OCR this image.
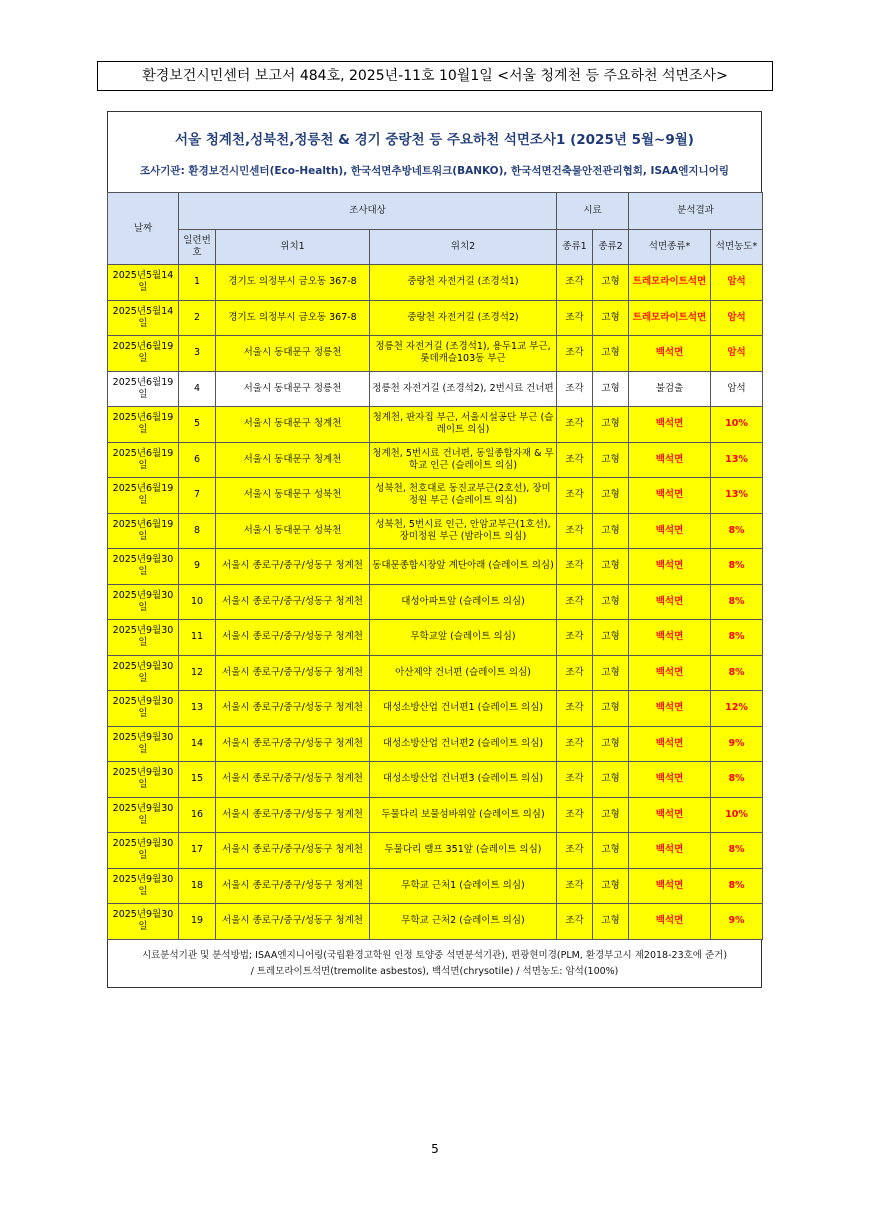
환경보건시민센터 보고서 484호, 2025년-11호 10월1일 <서울 청계천 등 주요하천 석면조사>
서울 청계천,성북천,정릉천 & 경기 중랑천 등 주요하천 석면조사1 (2025년 5월~9월)
조사기관: 환경보건시민센터(Eco-Health), 한국석면추방네트워크(BANKO), 한국석면건축물안전관리협회, ISAA엔지니어링
날짜	조사대상			시료		분석결과	
	일련번호	위치1	위치2	종류1	종류2	석면종류*	석면농도*
2025년5월14일	1	경기도 의정부시 금오동 367-8	중랑천 자전거길 (조경석1)	조각	고형	트레모라이트석면	암석
2025년5월14일	2	경기도 의정부시 금오동 367-8	중랑천 자전거길 (조경석2)	조각	고형	트레모라이트석면	암석
2025년6월19일	3	서울시 동대문구 정릉천	정릉천 자전거길 (조경석1), 용두1교 부근, 롯데캐슬103동 부근	조각	고형	백석면	암석
2025년6월19일	4	서울시 동대문구 정릉천	정릉천 자전거길 (조경석2), 2번시료 건너편	조각	고형	불검출	암석
2025년6월19일	5	서울시 동대문구 청계천	청계천, 판자집 부근, 서울시설공단 부근 (슬레이트 의심)	조각	고형	백석면	10%
2025년6월19일	6	서울시 동대문구 청계천	청계천, 5번시료 건너편, 동일종합자재 & 무학교 인근 (슬레이트 의심)	조각	고형	백석면	13%
2025년6월19일	7	서울시 동대문구 성북천	성북천, 천호대로 동진교부근(2호선), 장미정원 부근 (슬레이트 의심)	조각	고형	백석면	13%
2025년6월19일	8	서울시 동대문구 성북천	성북천, 5번시료 인근, 안암교부근(1호선), 장미정원 부근 (밤라이트 의심)	조각	고형	백석면	8%
2025년9월30일	9	서울시 종로구/중구/성동구 청계천	동대문종합시장앞 계단아래 (슬레이트 의심)	조각	고형	백석면	8%
2025년9월30일	10	서울시 종로구/중구/성동구 청계천	대성아파트앞 (슬레이트 의심)	조각	고형	백석면	8%
2025년9월30일	11	서울시 종로구/중구/성동구 청계천	무학교앞 (슬레이트 의심)	조각	고형	백석면	8%
2025년9월30일	12	서울시 종로구/중구/성동구 청계천	아산제약 건너편 (슬레이트 의심)	조각	고형	백석면	8%
2025년9월30일	13	서울시 종로구/중구/성동구 청계천	대성소방산업 건너편1 (슬레이트 의심)	조각	고형	백석면	12%
2025년9월30일	14	서울시 종로구/중구/성동구 청계천	대성소방산업 건너편2 (슬레이트 의심)	조각	고형	백석면	9%
2025년9월30일	15	서울시 종로구/중구/성동구 청계천	대성소방산업 건너편3 (슬레이트 의심)	조각	고형	백석면	8%
2025년9월30일	16	서울시 종로구/중구/성동구 청계천	두물다리 보물섬바위앞 (슬레이트 의심)	조각	고형	백석면	10%
2025년9월30일	17	서울시 종로구/중구/성동구 청계천	두물다리 램프 351앞 (슬레이트 의심)	조각	고형	백석면	8%
2025년9월30일	18	서울시 종로구/중구/성동구 청계천	무학교 근처1 (슬레이트 의심)	조각	고형	백석면	8%
2025년9월30일	19	서울시 종로구/중구/성동구 청계천	무학교 근처2 (슬레이트 의심)	조각	고형	백석면	9%
시료분석기관 및 분석방법; ISAA엔지니어링(국립환경고학원 인정 토양중 석면분석기관), 편광현미경(PLM, 환경부고시 제2018-23호에 준거)
/ 트레모라이트석면(tremolite asbestos), 백석면(chrysotile) / 석면농도: 암석(100%)
5
